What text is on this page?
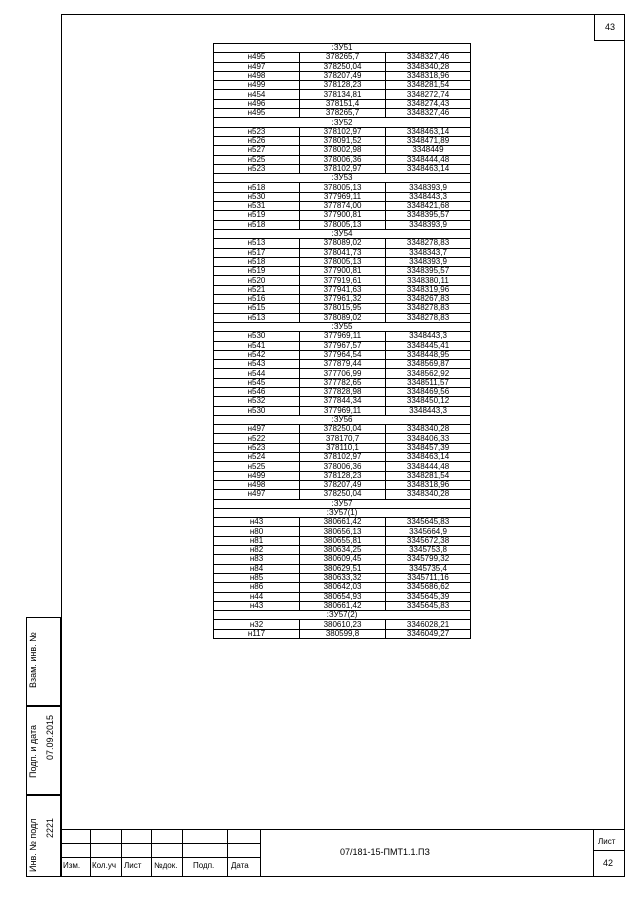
43
:ЗУ51		
н495	378265,7	3348327,46
н497	378250,04	3348340,28
н498	378207,49	3348318,96
н499	378128,23	3348281,54
н454	378134,81	3348272,74
н496	378151,4	3348274,43
н495	378265,7	3348327,46
:ЗУ52		
н523	378102,97	3348463,14
н526	378091,52	3348471,89
н527	378002,98	3348449
н525	378006,36	3348444,48
н523	378102,97	3348463,14
:ЗУ53		
н518	378005,13	3348393,9
н530	377969,11	3348443,3
н531	377874,00	3348421,68
н519	377900,81	3348395,57
н518	378005,13	3348393,9
:ЗУ54		
н513	378089,02	3348278,83
н517	378041,73	3348343,7
н518	378005,13	3348393,9
н519	377900,81	3348395,57
н520	377919,61	3348380,11
н521	377941,63	3348319,96
н516	377961,32	3348267,83
н515	378015,95	3348278,83
н513	378089,02	3348278,83
:ЗУ55		
н530	377969,11	3348443,3
н541	377967,57	3348445,41
н542	377964,54	3348448,95
н543	377879,44	3348569,87
н544	377706,99	3348562,92
н545	377782,65	3348511,57
н546	377828,98	3348469,56
н532	377844,34	3348450,12
н530	377969,11	3348443,3
:ЗУ56		
н497	378250,04	3348340,28
н522	378170,7	3348406,33
н523	378110,1	3348457,39
н524	378102,97	3348463,14
н525	378006,36	3348444,48
н499	378128,23	3348281,54
н498	378207,49	3348318,96
н497	378250,04	3348340,28
:ЗУ57		
:ЗУ57(1)		
н43	380661,42	3345645,83
н80	380656,13	3345664,9
н81	380655,81	3345672,38
н82	380634,25	3345753,8
н83	380609,45	3345799,32
н84	380629,51	3345735,4
н85	380633,32	3345711,16
н86	380642,03	3345686,62
н44	380654,93	3345645,39
н43	380661,42	3345645,83
:ЗУ57(2)		
н32	380610,23	3346028,21
н117	380599,8	3346049,27
Взам. инв. №
Подп. и дата 07.09.2015
Инв. № подл 2221
Изм. Кол.уч Лист №док. Подп. Дата
07/181-15-ПМТ1.1.ПЗ
Лист
42
